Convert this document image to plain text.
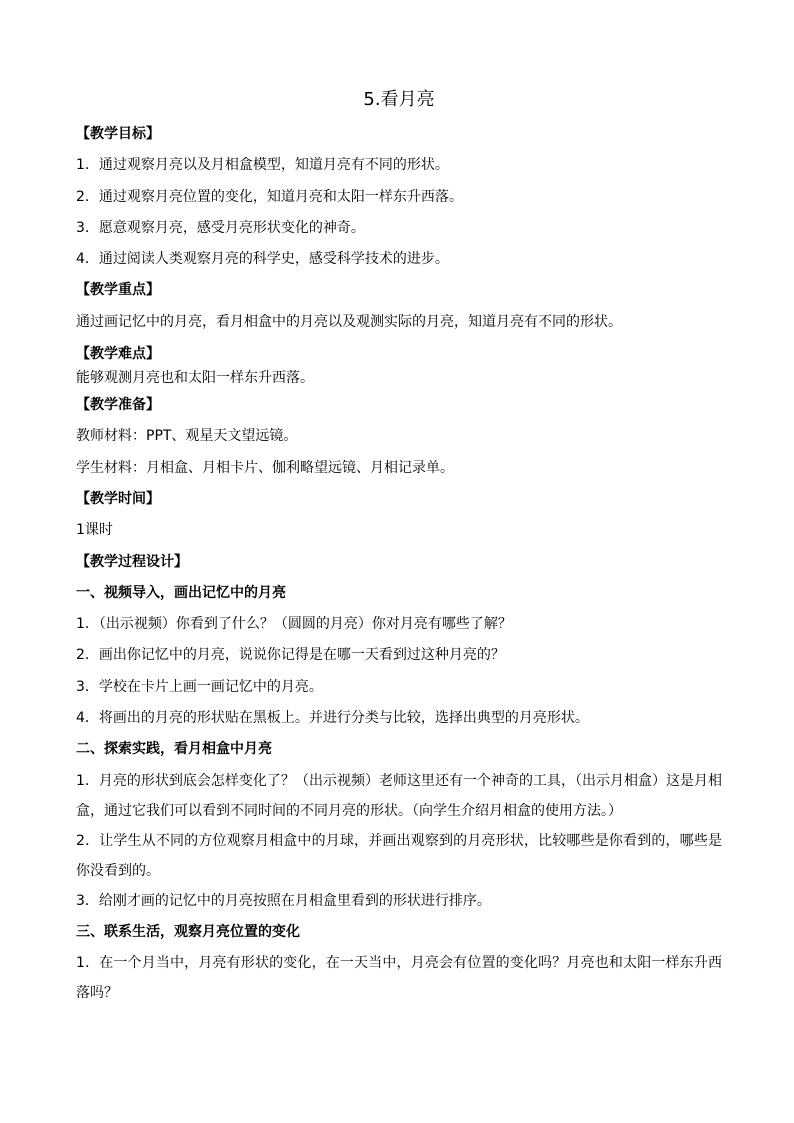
5.看月亮
【教学目标】
1．通过观察月亮以及月相盒模型，知道月亮有不同的形状。
2．通过观察月亮位置的变化，知道月亮和太阳一样东升西落。
3．愿意观察月亮，感受月亮形状变化的神奇。
4．通过阅读人类观察月亮的科学史，感受科学技术的进步。
【教学重点】
通过画记忆中的月亮，看月相盒中的月亮以及观测实际的月亮，知道月亮有不同的形状。
【教学难点】
能够观测月亮也和太阳一样东升西落。
【教学准备】
教师材料：PPT、观星天文望远镜。
学生材料：月相盒、月相卡片、伽利略望远镜、月相记录单。
【教学时间】
1课时
【教学过程设计】
一、视频导入，画出记忆中的月亮
1．（出示视频）你看到了什么？（圆圆的月亮）你对月亮有哪些了解？
2．画出你记忆中的月亮，说说你记得是在哪一天看到过这种月亮的？
3．学校在卡片上画一画记忆中的月亮。
4．将画出的月亮的形状贴在黑板上。并进行分类与比较，选择出典型的月亮形状。
二、探索实践，看月相盒中月亮
1．月亮的形状到底会怎样变化了？（出示视频）老师这里还有一个神奇的工具，（出示月相盒）这是月相盒，通过它我们可以看到不同时间的不同月亮的形状。（向学生介绍月相盒的使用方法。）
2．让学生从不同的方位观察月相盒中的月球，并画出观察到的月亮形状，比较哪些是你看到的，哪些是你没看到的。
3．给刚才画的记忆中的月亮按照在月相盒里看到的形状进行排序。
三、联系生活，观察月亮位置的变化
1．在一个月当中，月亮有形状的变化，在一天当中，月亮会有位置的变化吗？月亮也和太阳一样东升西落吗？
